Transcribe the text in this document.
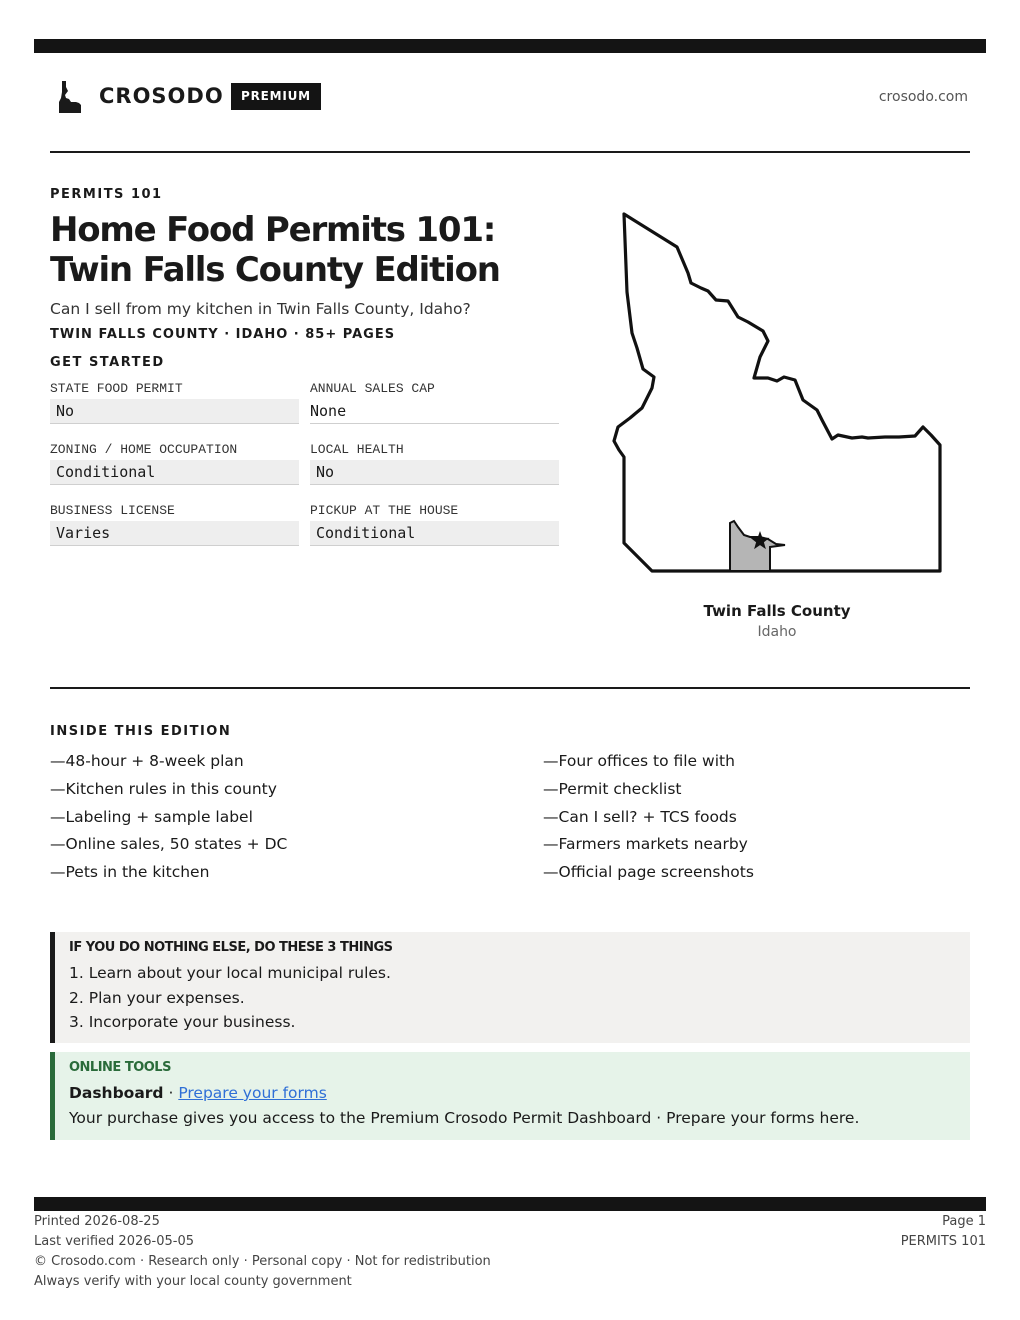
CROSODO	PREMIUM	crosodo.com
PERMITS 101
Home Food Permits 101: Twin Falls County Edition
Can I sell from my kitchen in Twin Falls County, Idaho?
TWIN FALLS COUNTY · IDAHO · 85+ PAGES
GET STARTED
STATE FOOD PERMIT
No
ANNUAL SALES CAP
None
ZONING / HOME OCCUPATION
Conditional
LOCAL HEALTH
No
BUSINESS LICENSE
Varies
PICKUP AT THE HOUSE
Conditional
Twin Falls County
Idaho
INSIDE THIS EDITION
—48-hour + 8-week plan
—Kitchen rules in this county
—Labeling + sample label
—Online sales, 50 states + DC
—Pets in the kitchen
—Four offices to file with
—Permit checklist
—Can I sell? + TCS foods
—Farmers markets nearby
—Official page screenshots
IF YOU DO NOTHING ELSE, DO THESE 3 THINGS
1. Learn about your local municipal rules.
2. Plan your expenses.
3. Incorporate your business.
ONLINE TOOLS
Dashboard · Prepare your forms
Your purchase gives you access to the Premium Crosodo Permit Dashboard · Prepare your forms here.
Printed 2026-08-25
Last verified 2026-05-05
© Crosodo.com · Research only · Personal copy · Not for redistribution
Always verify with your local county government
Page 1
PERMITS 101
